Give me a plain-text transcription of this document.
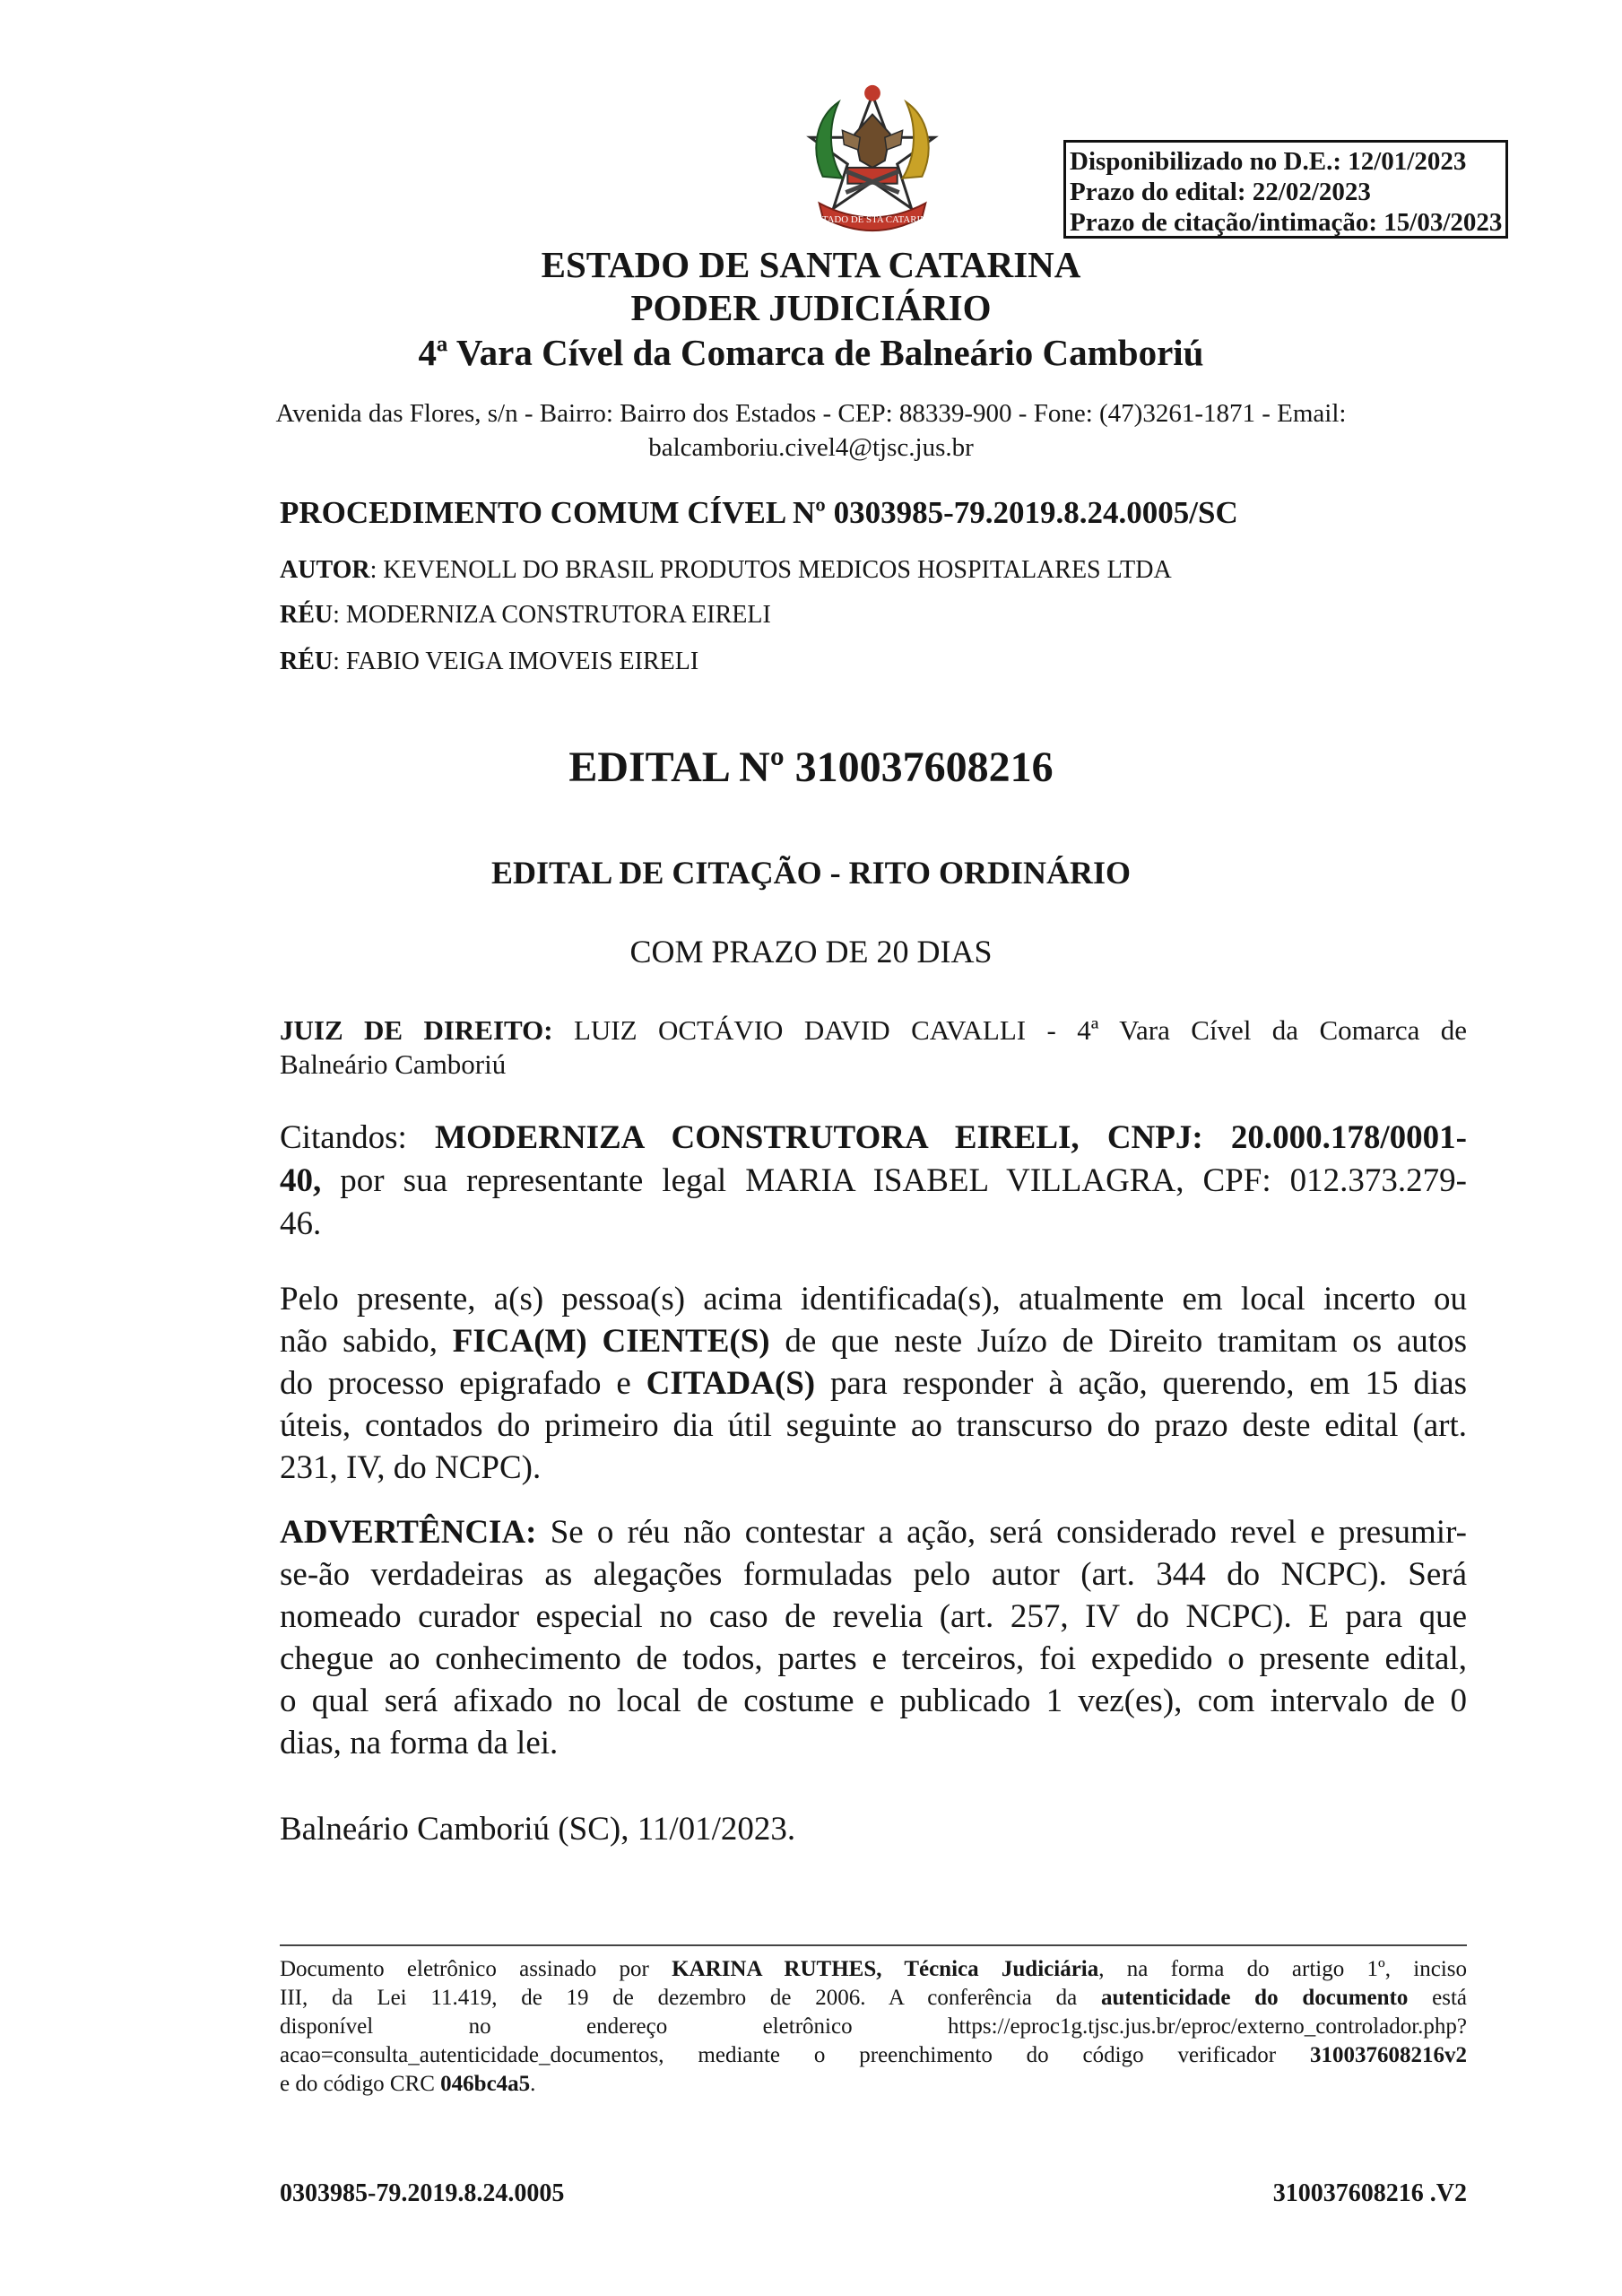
ESTADO DE STA CATARINA
Disponibilizado no D.E.: 12/01/2023
Prazo do edital: 22/02/2023
Prazo de citação/intimação: 15/03/2023
ESTADO DE SANTA CATARINA
PODER JUDICIÁRIO
4ª Vara Cível da Comarca de Balneário Camboriú
Avenida das Flores, s/n - Bairro: Bairro dos Estados - CEP: 88339-900 - Fone: (47)3261-1871 - Email:
balcamboriu.civel4@tjsc.jus.br
PROCEDIMENTO COMUM CÍVEL Nº 0303985-79.2019.8.24.0005/SC
AUTOR: KEVENOLL DO BRASIL PRODUTOS MEDICOS HOSPITALARES LTDA
RÉU: MODERNIZA CONSTRUTORA EIRELI
RÉU: FABIO VEIGA IMOVEIS EIRELI
EDITAL Nº 310037608216
EDITAL DE CITAÇÃO - RITO ORDINÁRIO
COM PRAZO DE 20 DIAS
JUIZ DE DIREITO: LUIZ OCTÁVIO DAVID CAVALLI - 4ª Vara Cível da Comarca de
Balneário Camboriú
Citandos: MODERNIZA CONSTRUTORA EIRELI, CNPJ: 20.000.178/0001-
40, por sua representante legal MARIA ISABEL VILLAGRA, CPF: 012.373.279-
46.
Pelo presente, a(s) pessoa(s) acima identificada(s), atualmente em local incerto ou
não sabido, FICA(M) CIENTE(S) de que neste Juízo de Direito tramitam os autos
do processo epigrafado e CITADA(S) para responder à ação, querendo, em 15 dias
úteis, contados do primeiro dia útil seguinte ao transcurso do prazo deste edital (art.
231, IV, do NCPC).
ADVERTÊNCIA: Se o réu não contestar a ação, será considerado revel e presumir-
se-ão verdadeiras as alegações formuladas pelo autor (art. 344 do NCPC). Será
nomeado curador especial no caso de revelia (art. 257, IV do NCPC). E para que
chegue ao conhecimento de todos, partes e terceiros, foi expedido o presente edital,
o qual será afixado no local de costume e publicado 1 vez(es), com intervalo de 0
dias, na forma da lei.
Balneário Camboriú (SC), 11/01/2023.
Documento eletrônico assinado por KARINA RUTHES, Técnica Judiciária, na forma do artigo 1º, inciso
III, da Lei 11.419, de 19 de dezembro de 2006. A conferência da autenticidade do documento está
disponível no endereço eletrônico https://eproc1g.tjsc.jus.br/eproc/externo_controlador.php?
acao=consulta_autenticidade_documentos, mediante o preenchimento do código verificador 310037608216v2
e do código CRC 046bc4a5.
0303985-79.2019.8.24.0005	310037608216 .V2
